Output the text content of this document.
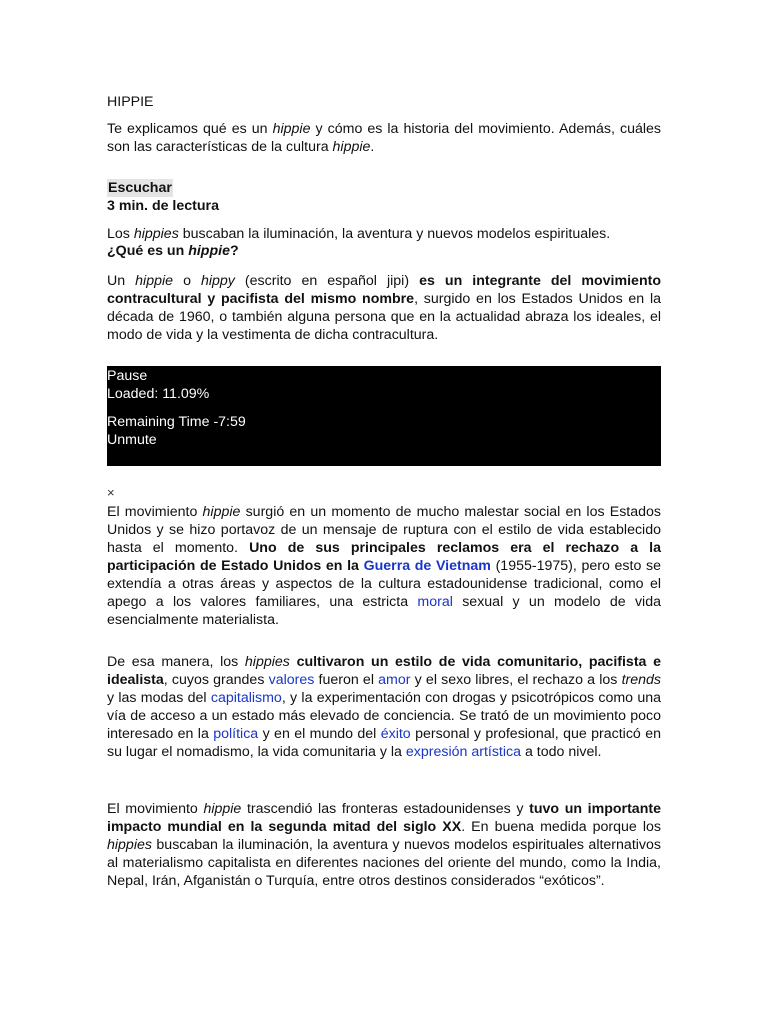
HIPPIE

Te explicamos qué es un hippie y cómo es la historia del movimiento. Además, cuáles son las características de la cultura hippie.

Escuchar
3 min. de lectura
Los hippies buscaban la iluminación, la aventura y nuevos modelos espirituales.
¿Qué es un hippie?

Un hippie o hippy (escrito en español jipi) es un integrante del movimiento contracultural y pacifista del mismo nombre, surgido en los Estados Unidos en la década de 1960, o también alguna persona que en la actualidad abraza los ideales, el modo de vida y la vestimenta de dicha contracultura.

Pause
Loaded: 11.09%
Remaining Time -7:59
Unmute
×

El movimiento hippie surgió en un momento de mucho malestar social en los Estados Unidos y se hizo portavoz de un mensaje de ruptura con el estilo de vida establecido hasta el momento. Uno de sus principales reclamos era el rechazo a la participación de Estado Unidos en la Guerra de Vietnam (1955-1975), pero esto se extendía a otras áreas y aspectos de la cultura estadounidense tradicional, como el apego a los valores familiares, una estricta moral sexual y un modelo de vida esencialmente materialista.

De esa manera, los hippies cultivaron un estilo de vida comunitario, pacifista e idealista, cuyos grandes valores fueron el amor y el sexo libres, el rechazo a los trends y las modas del capitalismo, y la experimentación con drogas y psicotrópicos como una vía de acceso a un estado más elevado de conciencia. Se trató de un movimiento poco interesado en la política y en el mundo del éxito personal y profesional, que practicó en su lugar el nomadismo, la vida comunitaria y la expresión artística a todo nivel.

El movimiento hippie trascendió las fronteras estadounidenses y tuvo un importante impacto mundial en la segunda mitad del siglo XX. En buena medida porque los hippies buscaban la iluminación, la aventura y nuevos modelos espirituales alternativos al materialismo capitalista en diferentes naciones del oriente del mundo, como la India, Nepal, Irán, Afganistán o Turquía, entre otros destinos considerados “exóticos”.
